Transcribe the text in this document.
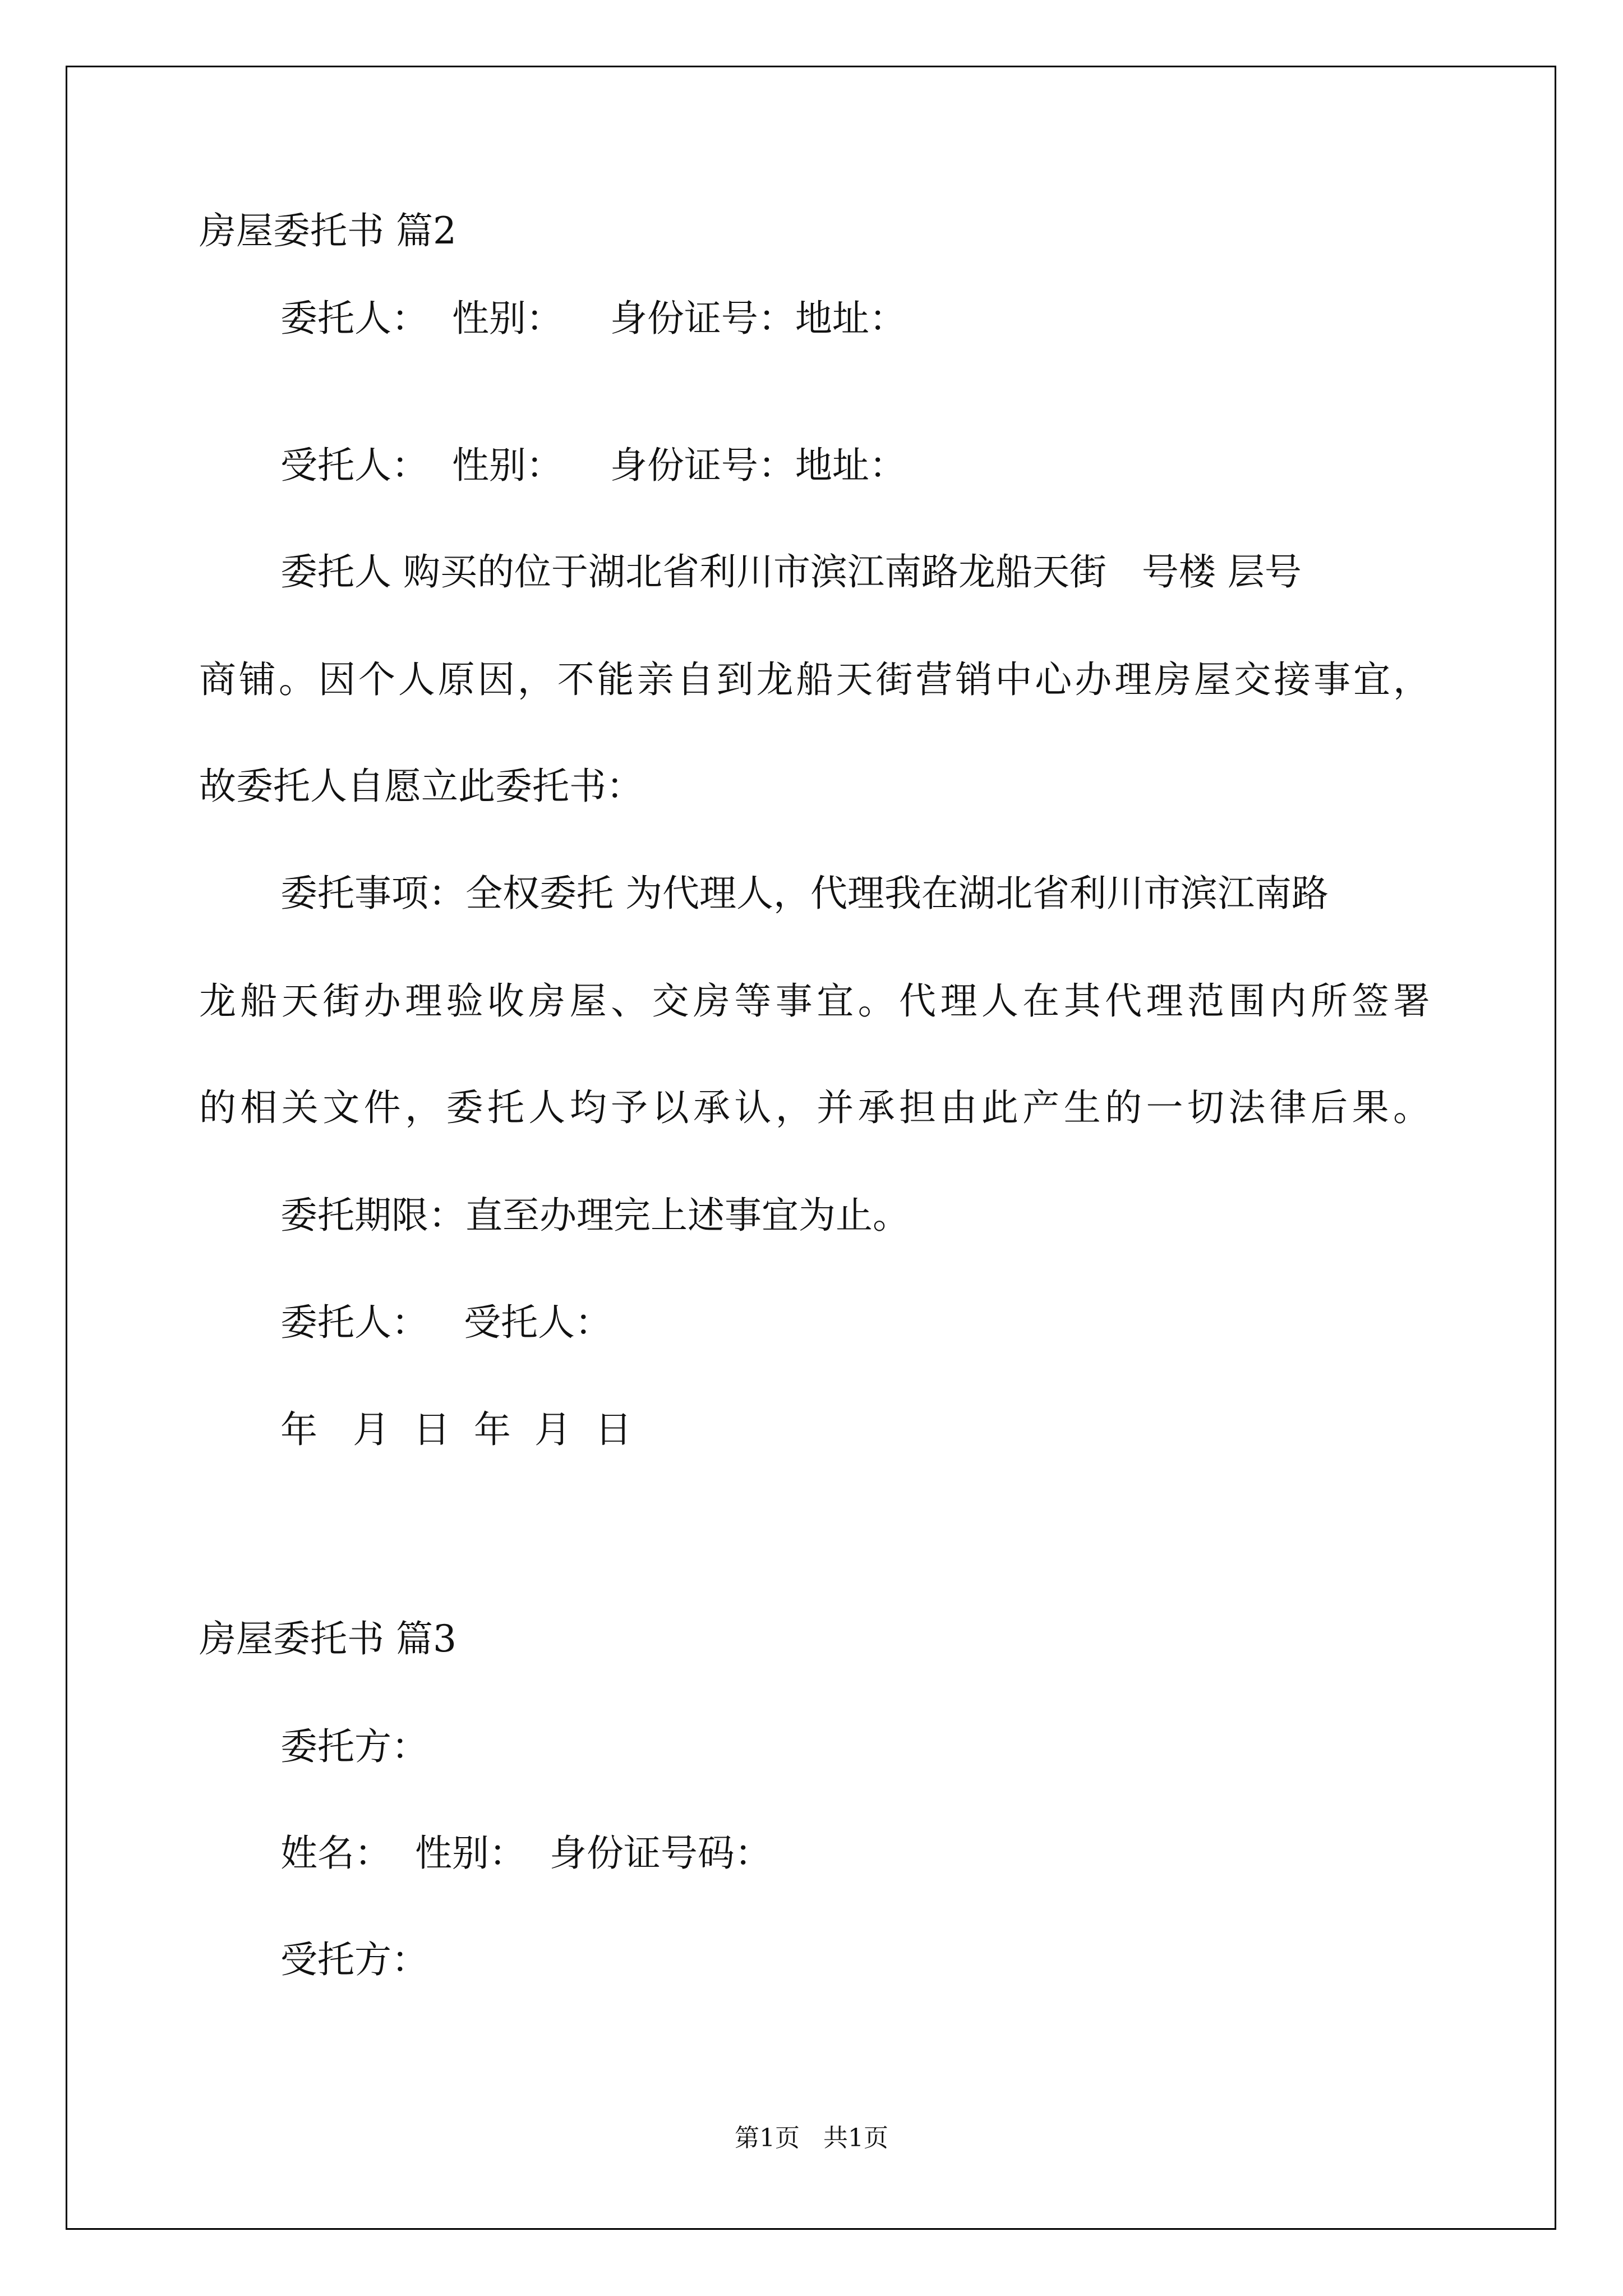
房屋委托书 篇2
委托人：  性别：    身份证号：地址：
受托人：  性别：    身份证号：地址：
委托人 购买的位于湖北省利川市滨江南路龙船天街   号楼 层号
商铺。因个人原因，不能亲自到龙船天街营销中心办理房屋交接事宜，
故委托人自愿立此委托书：
委托事项：全权委托 为代理人，代理我在湖北省利川市滨江南路
龙船天街办理验收房屋、交房等事宜。代理人在其代理范围内所签署
的相关文件，委托人均予以承认，并承担由此产生的一切法律后果。
委托期限：直至办理完上述事宜为止。
委托人：   受托人：
年   月  日  年  月  日
房屋委托书 篇3
委托方：
姓名：  性别：  身份证号码：
受托方：
第1页   共1页
